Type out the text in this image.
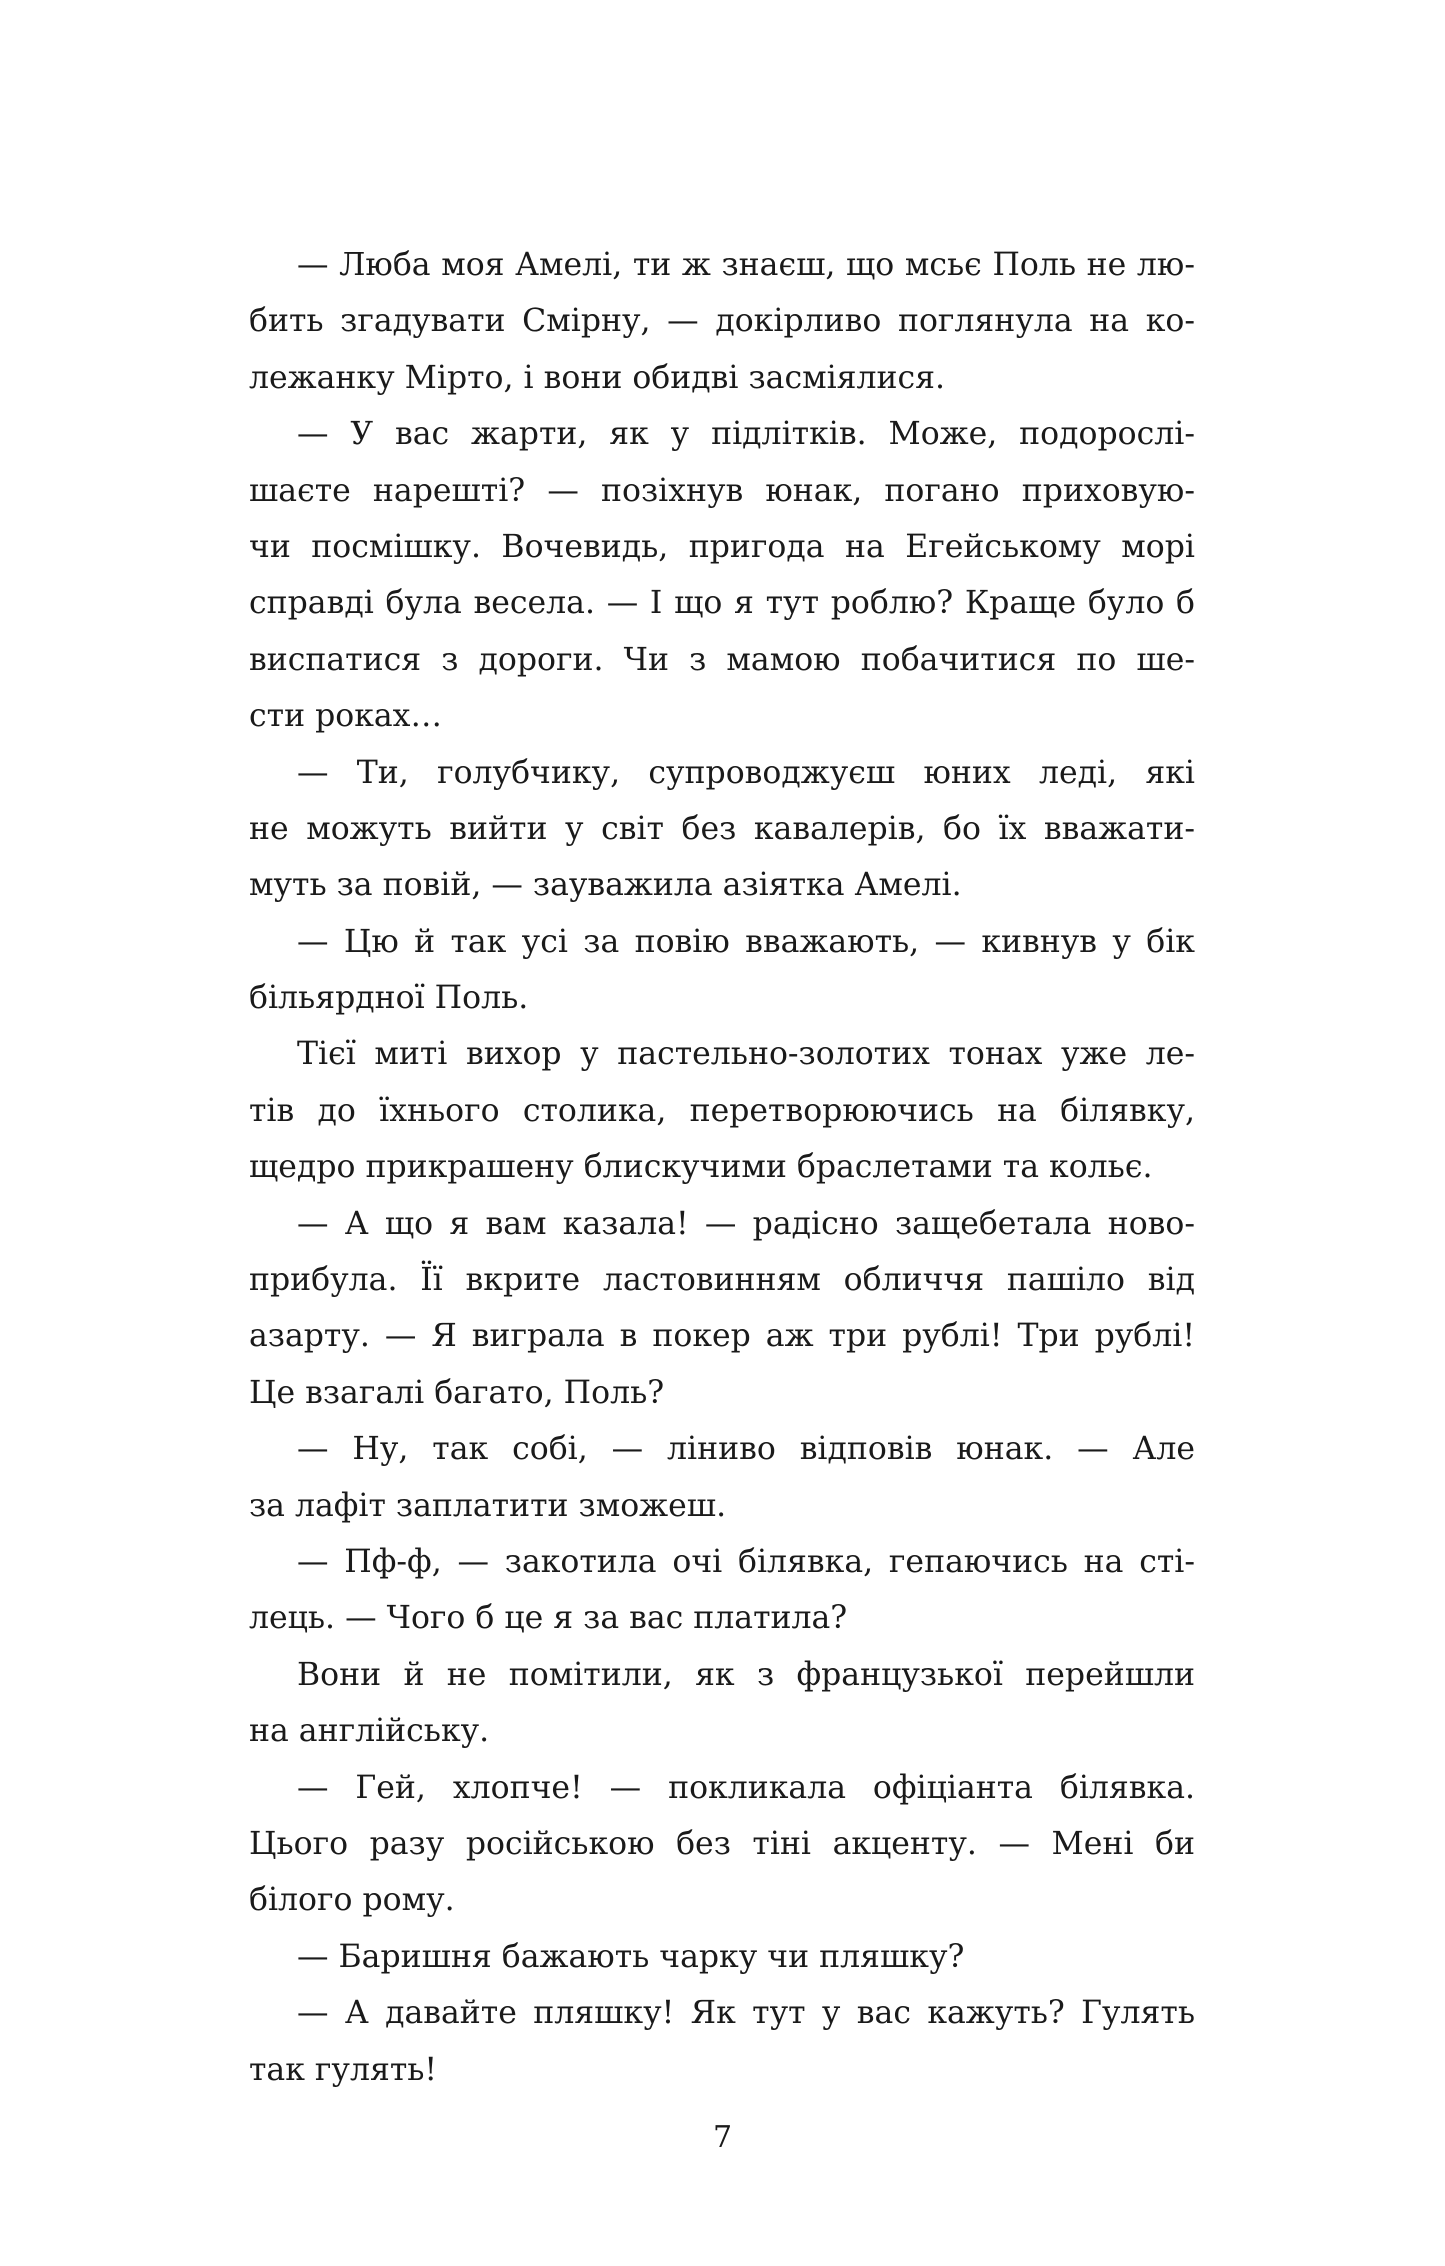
— Люба моя Амелі, ти ж знаєш, що мсьє Поль не лю-
бить згадувати Смірну, — докірливо поглянула на ко-
лежанку Мірто, і вони обидві засміялися.
— У вас жарти, як у підлітків. Може, подорослі-
шаєте нарешті? — позіхнув юнак, погано приховую-
чи посмішку. Вочевидь, пригода на Егейському морі
справді була весела. — І що я тут роблю? Краще було б
виспатися з дороги. Чи з мамою побачитися по ше-
сти роках…
— Ти, голубчику, супроводжуєш юних леді, які
не можуть вийти у світ без кавалерів, бо їх вважати-
муть за повій, — зауважила азіятка Амелі.
— Цю й так усі за повію вважають, — кивнув у бік
більярдної Поль.
Тієї миті вихор у пастельно-золотих тонах уже ле-
тів до їхнього столика, перетворюючись на білявку,
щедро прикрашену блискучими браслетами та кольє.
— А що я вам казала! — радісно защебетала ново-
прибула. Її вкрите ластовинням обличчя пашіло від
азарту. — Я виграла в покер аж три рублі! Три рублі!
Це взагалі багато, Поль?
— Ну, так собі, — ліниво відповів юнак. — Але
за лафіт заплатити зможеш.
— Пф-ф, — закотила очі білявка, гепаючись на сті-
лець. — Чого б це я за вас платила?
Вони й не помітили, як з французької перейшли
на англійську.
— Гей, хлопче! — покликала офіціанта білявка.
Цього разу російською без тіні акценту. — Мені би
білого рому.
— Баришня бажають чарку чи пляшку?
— А давайте пляшку! Як тут у вас кажуть? Гулять
так гулять!
7
